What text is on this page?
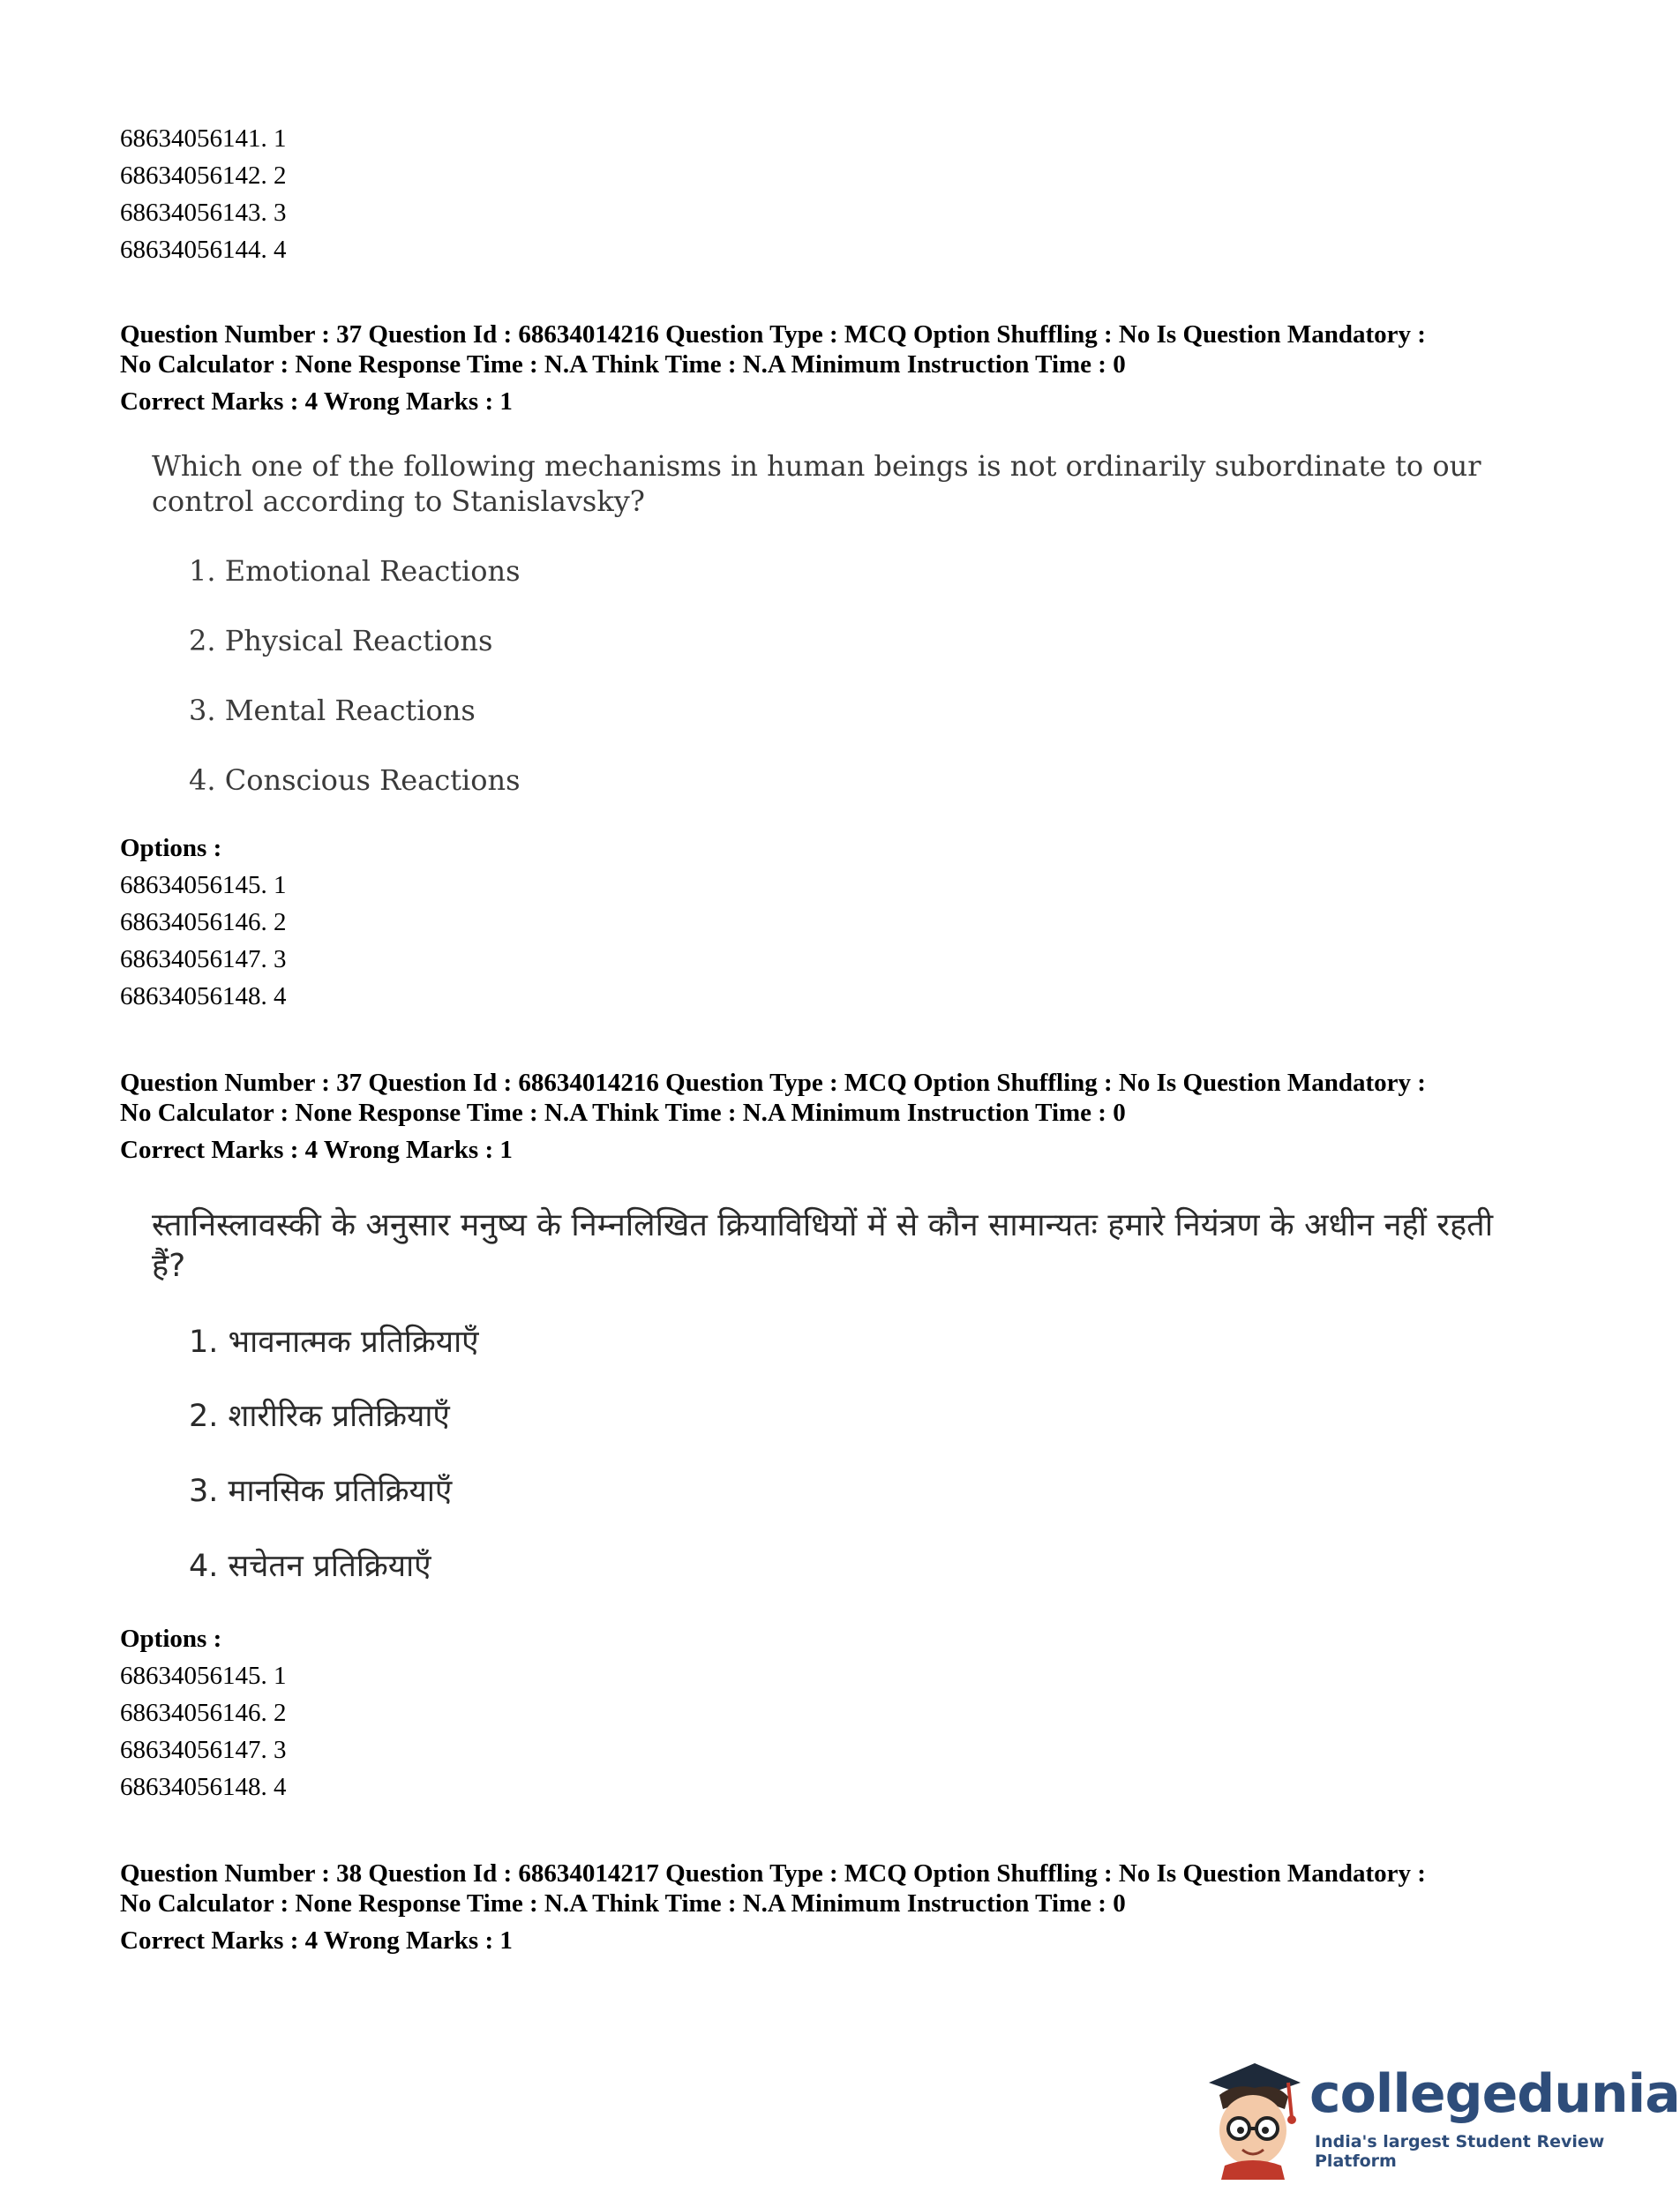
68634056141. 1
68634056142. 2
68634056143. 3
68634056144. 4
Question Number : 37 Question Id : 68634014216 Question Type : MCQ Option Shuffling : No Is Question Mandatory :
No Calculator : None Response Time : N.A Think Time : N.A Minimum Instruction Time : 0
Correct Marks : 4 Wrong Marks : 1
Which one of the following mechanisms in human beings is not ordinarily subordinate to our control according to Stanislavsky?
1. Emotional Reactions
2. Physical Reactions
3. Mental Reactions
4. Conscious Reactions
Options :
68634056145. 1
68634056146. 2
68634056147. 3
68634056148. 4
Question Number : 37 Question Id : 68634014216 Question Type : MCQ Option Shuffling : No Is Question Mandatory :
No Calculator : None Response Time : N.A Think Time : N.A Minimum Instruction Time : 0
Correct Marks : 4 Wrong Marks : 1
स्तानिस्लावस्की के अनुसार मनुष्य के निम्नलिखित क्रियाविधियों में से कौन सामान्यतः हमारे नियंत्रण के अधीन नहीं रहती हैं?
1. भावनात्मक प्रतिक्रियाएँ
2. शारीरिक प्रतिक्रियाएँ
3. मानसिक प्रतिक्रियाएँ
4. सचेतन प्रतिक्रियाएँ
Options :
68634056145. 1
68634056146. 2
68634056147. 3
68634056148. 4
Question Number : 38 Question Id : 68634014217 Question Type : MCQ Option Shuffling : No Is Question Mandatory :
No Calculator : None Response Time : N.A Think Time : N.A Minimum Instruction Time : 0
Correct Marks : 4 Wrong Marks : 1
collegedunia
India's largest Student Review Platform
